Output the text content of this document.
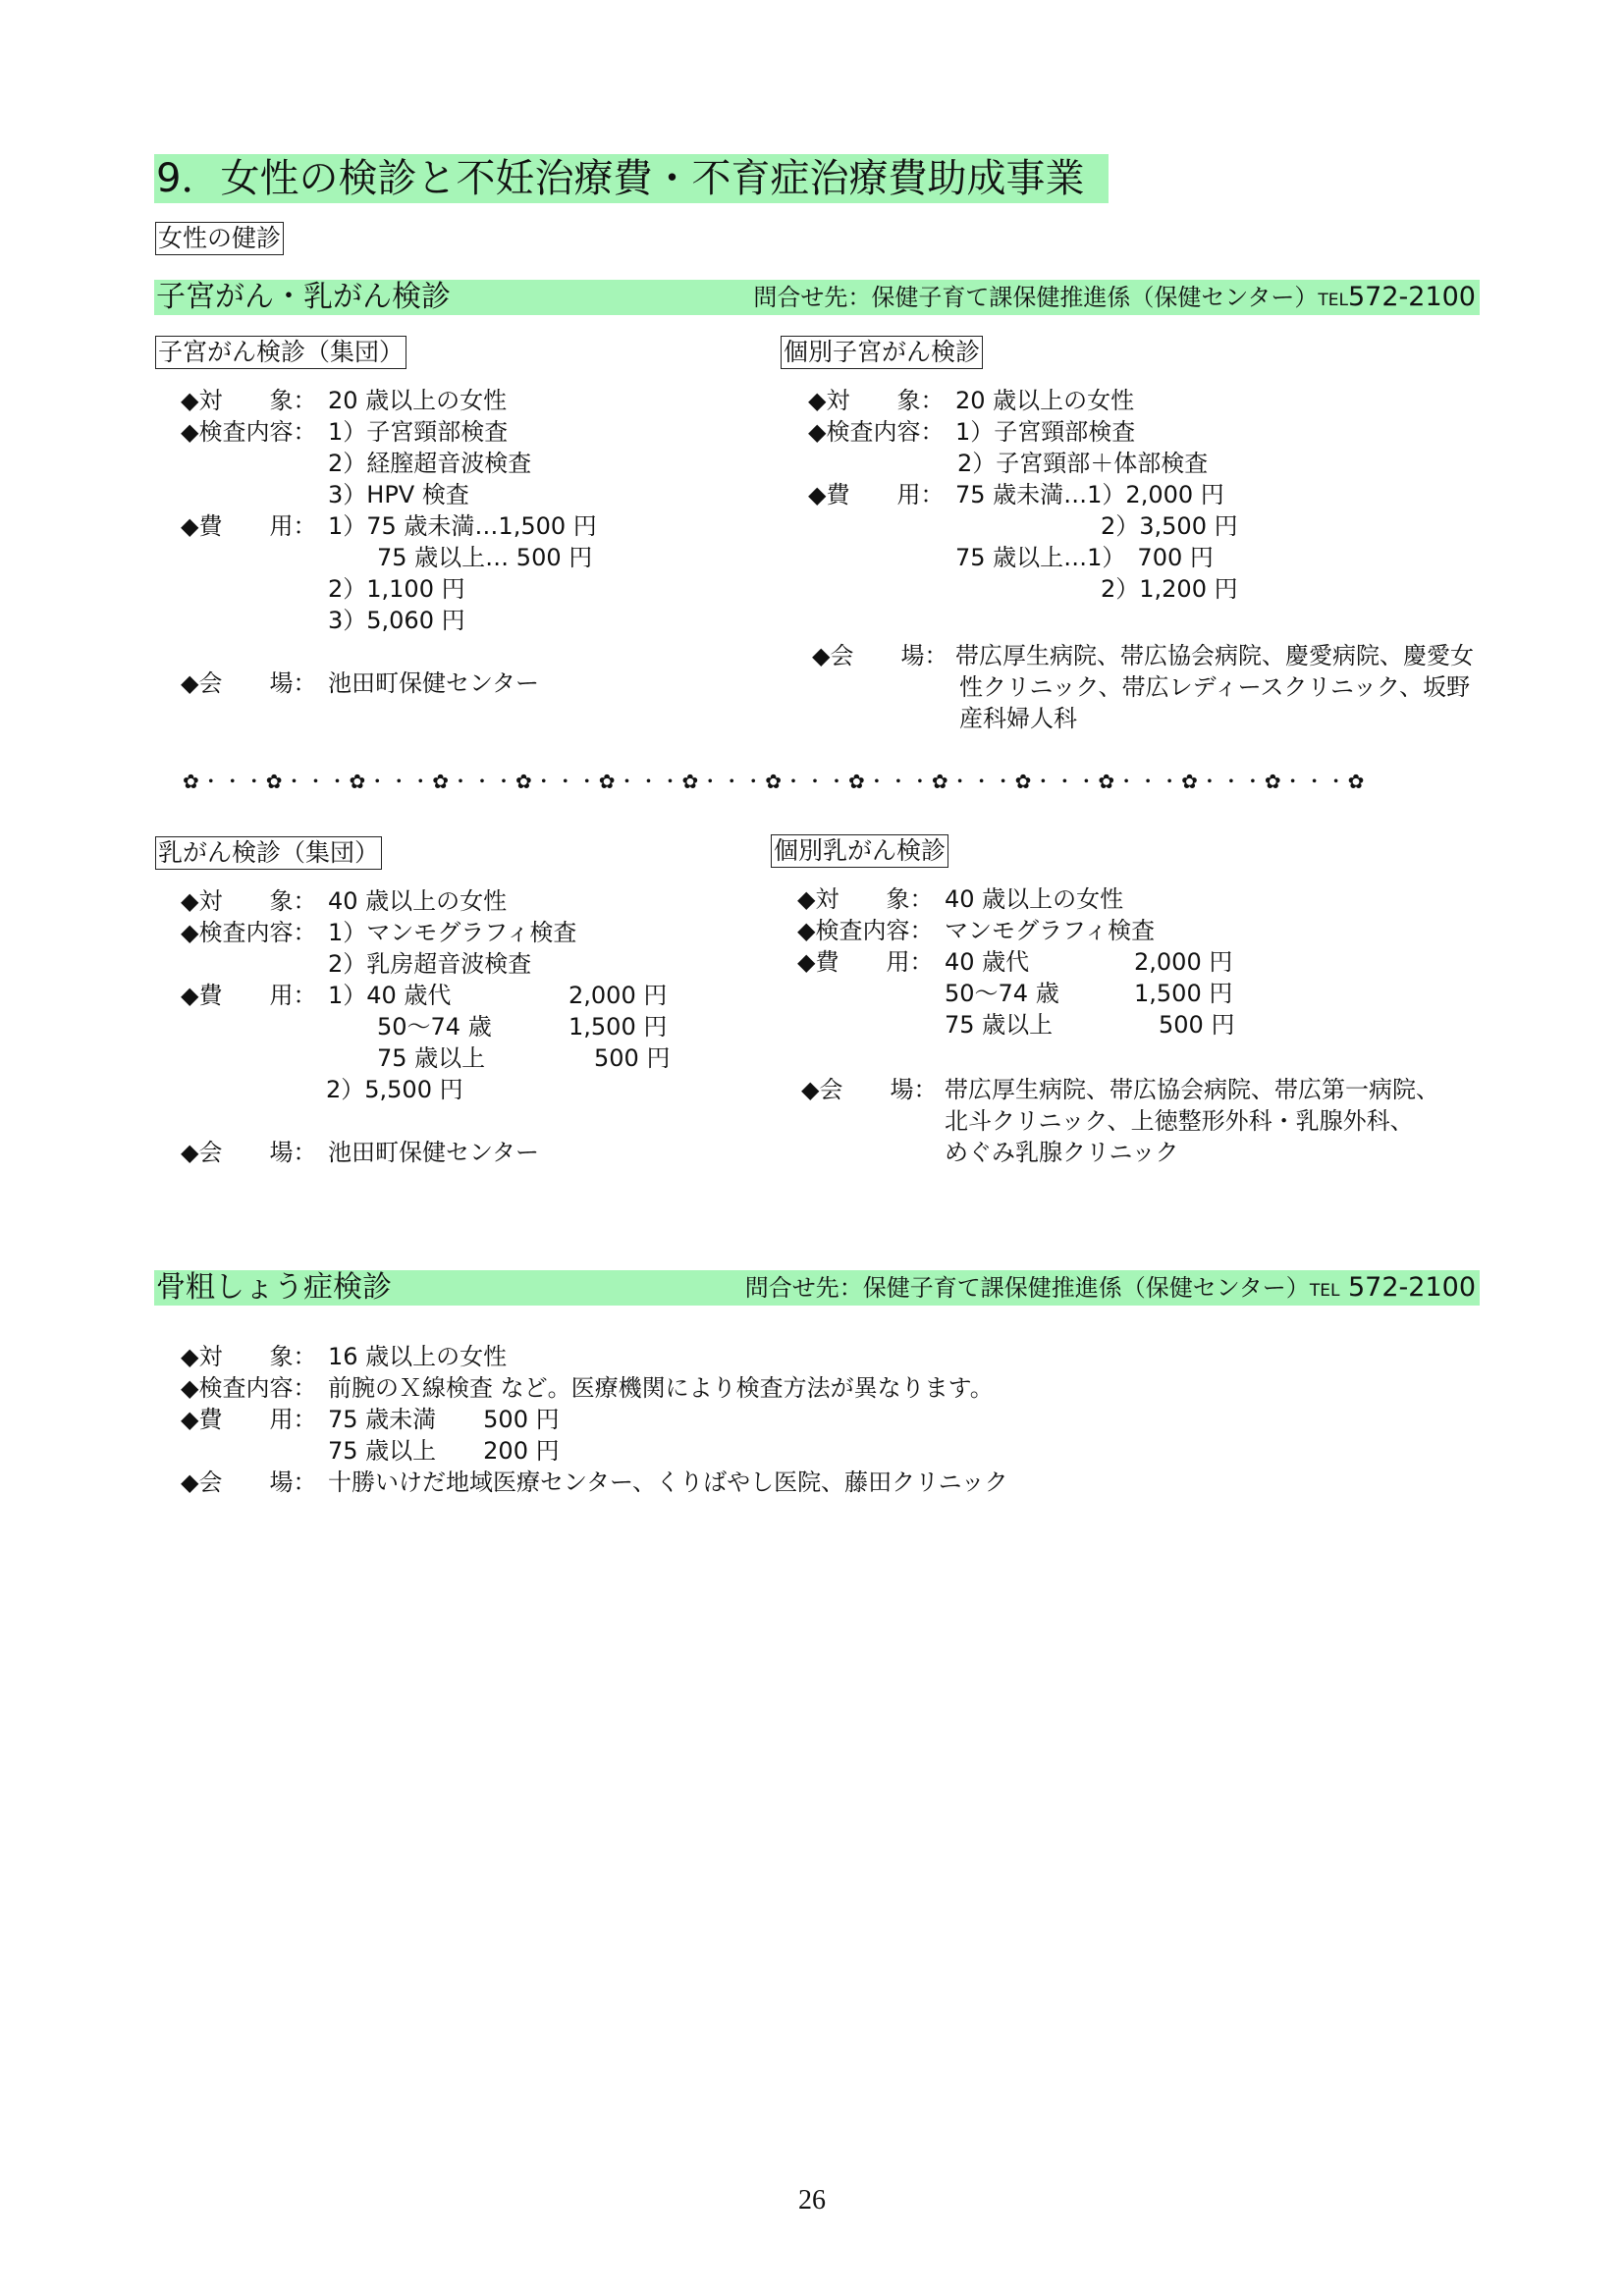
9．女性の検診と不妊治療費・不育症治療費助成事業
女性の健診
子宮がん・乳がん検診	問合せ先：保健子育て課保健推進係（保健センター）TEL572-2100
子宮がん検診（集団）
◆対　　象： 20 歳以上の女性
◆検査内容： 1）子宮頸部検査
2）経膣超音波検査
3）HPV 検査
◆費　　用： 1）75 歳未満…1,500 円
75 歳以上… 500 円
2）1,100 円
3）5,060 円
◆会　　場： 池田町保健センター
個別子宮がん検診
◆対　　象： 20 歳以上の女性
◆検査内容： 1）子宮頸部検査
2）子宮頸部＋体部検査
◆費　　用： 75 歳未満…1）2,000 円
2）3,500 円
75 歳以上…1）　700 円
2）1,200 円
◆会　　場： 帯広厚生病院、帯広協会病院、慶愛病院、慶愛女
性クリニック、帯広レディースクリニック、坂野
産科婦人科
✿・・・✿・・・✿・・・✿・・・✿・・・✿・・・✿・・・✿・・・✿・・・✿・・・✿・・・✿・・・✿・・・✿・・・✿
乳がん検診（集団）
◆対　　象： 40 歳以上の女性
◆検査内容： 1）マンモグラフィ検査
2）乳房超音波検査
◆費　　用： 1）40 歳代	2,000 円
50～74 歳	1,500 円
75 歳以上	500 円
2）5,500 円
◆会　　場： 池田町保健センター
個別乳がん検診
◆対　　象： 40 歳以上の女性
◆検査内容： マンモグラフィ検査
◆費　　用： 40 歳代	2,000 円
50～74 歳	1,500 円
75 歳以上	500 円
◆会　　場： 帯広厚生病院、帯広協会病院、帯広第一病院、
北斗クリニック、上徳整形外科・乳腺外科、
めぐみ乳腺クリニック
骨粗しょう症検診	問合せ先：保健子育て課保健推進係（保健センター）TEL 572-2100
◆対　　象： 16 歳以上の女性
◆検査内容： 前腕のＸ線検査 など。医療機関により検査方法が異なります。
◆費　　用： 75 歳未満　　500 円
75 歳以上　　200 円
◆会　　場： 十勝いけだ地域医療センター、くりばやし医院、藤田クリニック
26
